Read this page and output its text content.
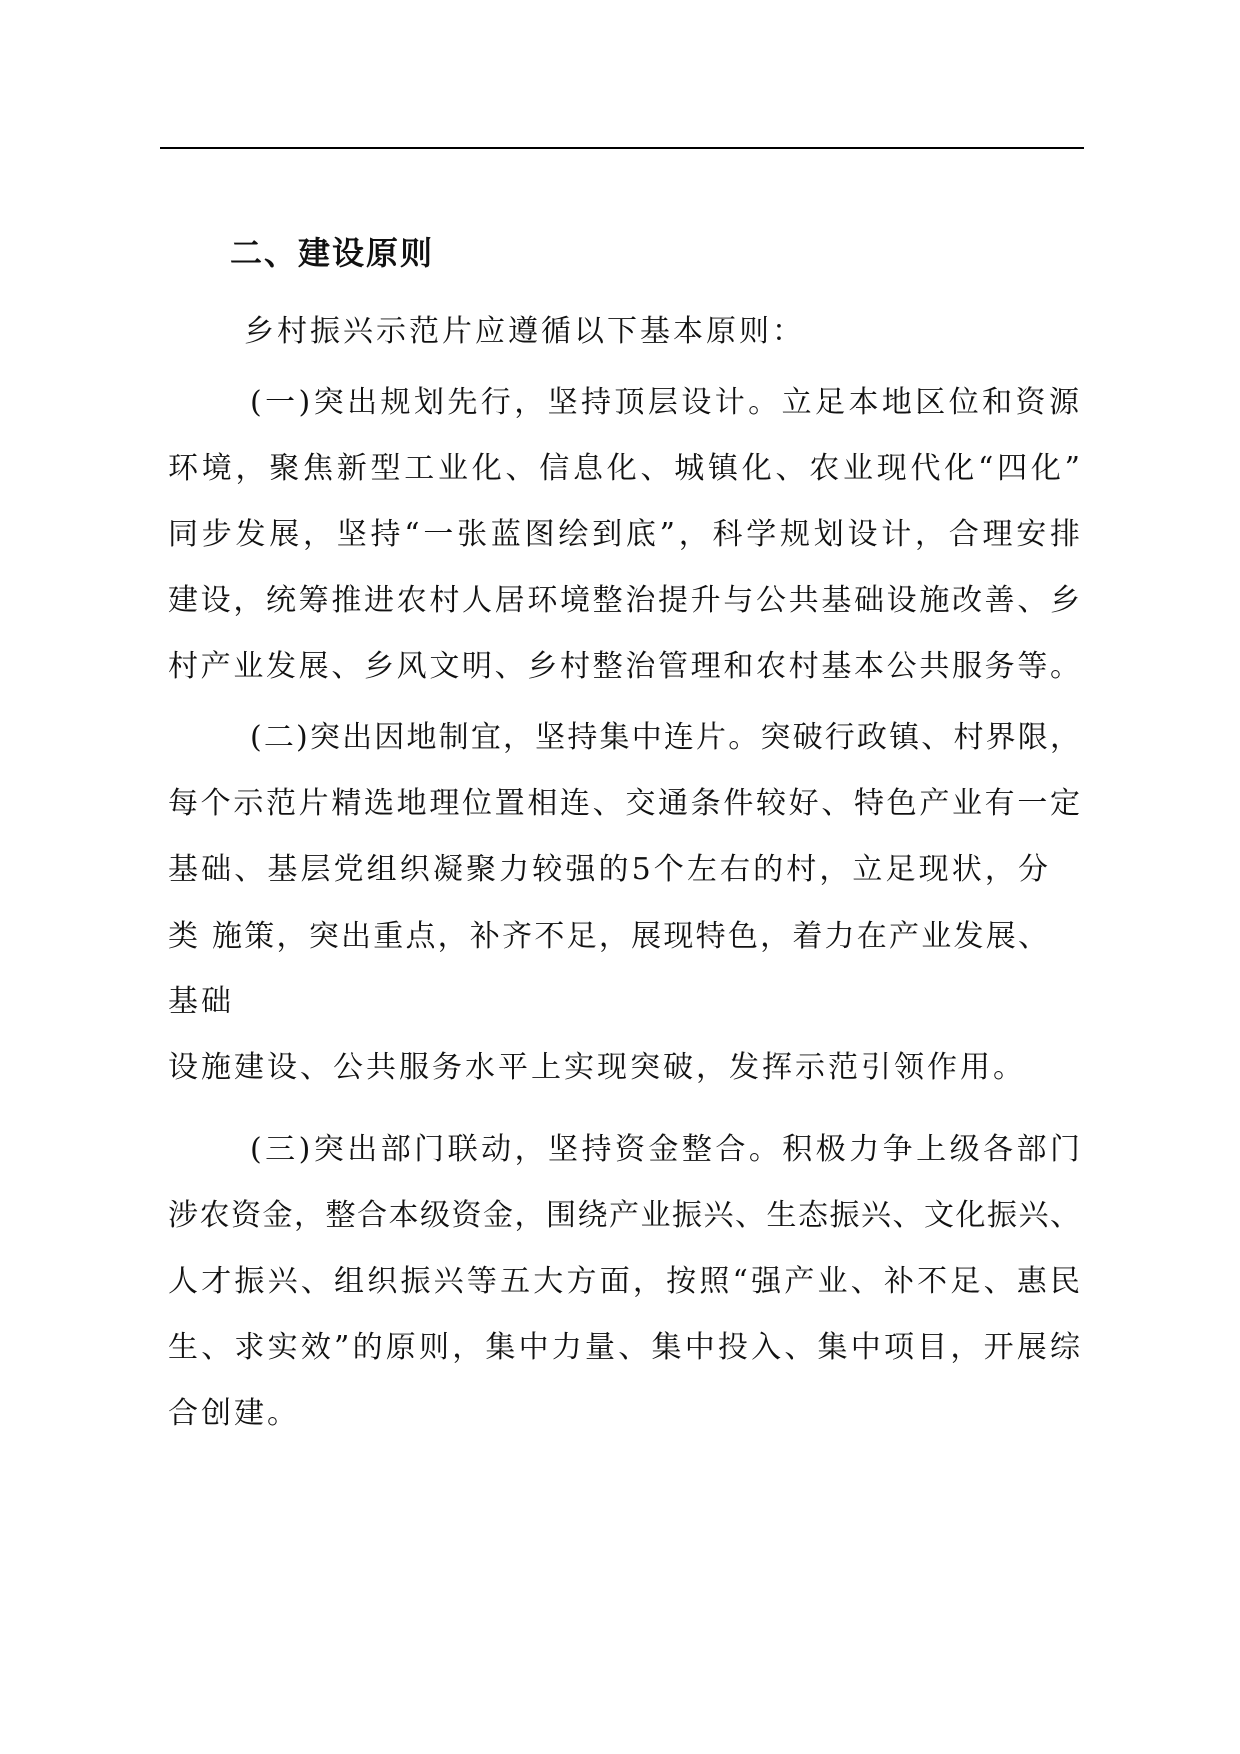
二、建设原则
乡村振兴示范片应遵循以下基本原则：
(一)突出规划先行，坚持顶层设计。立足本地区位和资源
环境，聚焦新型工业化、信息化、城镇化、农业现代化“四化”
同步发展，坚持“一张蓝图绘到底”，科学规划设计，合理安排
建设，统筹推进农村人居环境整治提升与公共基础设施改善、乡
村产业发展、乡风文明、乡村整治管理和农村基本公共服务等。
(二)突出因地制宜，坚持集中连片。突破行政镇、村界限，
每个示范片精选地理位置相连、交通条件较好、特色产业有一定
基础、基层党组织凝聚力较强的5个左右的村，立足现状，分
类 施策，突出重点，补齐不足，展现特色，着力在产业发展、
基础
设施建设、公共服务水平上实现突破，发挥示范引领作用。
(三)突出部门联动，坚持资金整合。积极力争上级各部门
涉农资金，整合本级资金，围绕产业振兴、生态振兴、文化振兴、
人才振兴、组织振兴等五大方面，按照“强产业、补不足、惠民
生、求实效”的原则，集中力量、集中投入、集中项目，开展综
合创建。
